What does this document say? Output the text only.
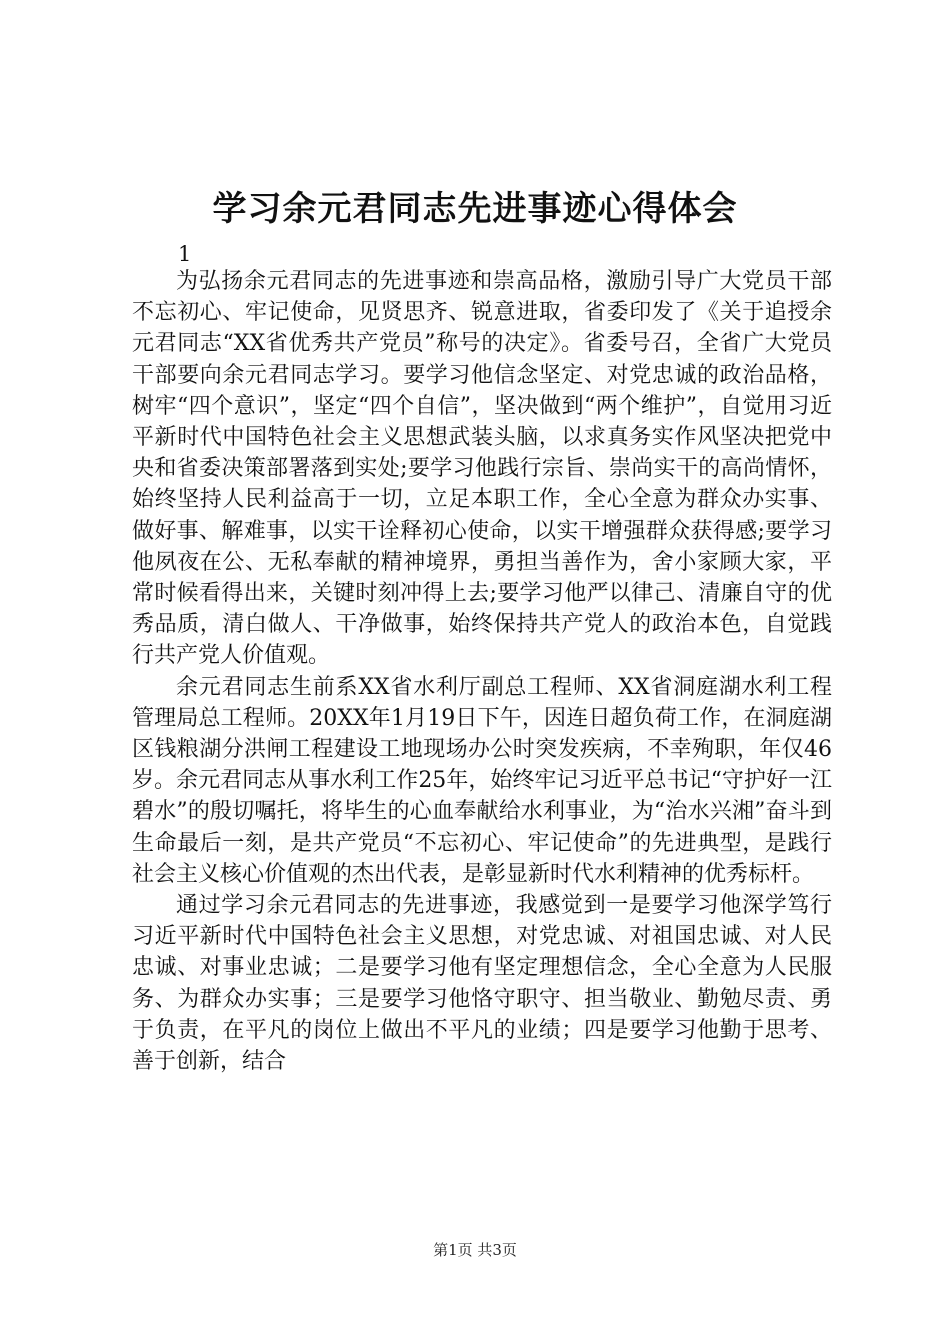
学习余元君同志先进事迹心得体会
1

为弘扬余元君同志的先进事迹和崇高品格，激励引导广大党员干部不忘初心、牢记使命，见贤思齐、锐意进取，省委印发了《关于追授余元君同志“XX省优秀共产党员”称号的决定》。省委号召，全省广大党员干部要向余元君同志学习。要学习他信念坚定、对党忠诚的政治品格，树牢“四个意识”，坚定“四个自信”，坚决做到“两个维护”，自觉用习近平新时代中国特色社会主义思想武装头脑，以求真务实作风坚决把党中央和省委决策部署落到实处;要学习他践行宗旨、崇尚实干的高尚情怀，始终坚持人民利益高于一切，立足本职工作，全心全意为群众办实事、做好事、解难事，以实干诠释初心使命，以实干增强群众获得感;要学习他夙夜在公、无私奉献的精神境界，勇担当善作为，舍小家顾大家，平常时候看得出来，关键时刻冲得上去;要学习他严以律己、清廉自守的优秀品质，清白做人、干净做事，始终保持共产党人的政治本色，自觉践行共产党人价值观。

余元君同志生前系XX省水利厅副总工程师、XX省洞庭湖水利工程管理局总工程师。20XX年1月19日下午，因连日超负荷工作，在洞庭湖区钱粮湖分洪闸工程建设工地现场办公时突发疾病，不幸殉职，年仅46岁。余元君同志从事水利工作25年，始终牢记习近平总书记“守护好一江碧水”的殷切嘱托，将毕生的心血奉献给水利事业，为“治水兴湘”奋斗到生命最后一刻，是共产党员“不忘初心、牢记使命”的先进典型，是践行社会主义核心价值观的杰出代表，是彰显新时代水利精神的优秀标杆。

通过学习余元君同志的先进事迹，我感觉到一是要学习他深学笃行习近平新时代中国特色社会主义思想，对党忠诚、对祖国忠诚、对人民忠诚、对事业忠诚；二是要学习他有坚定理想信念，全心全意为人民服务、为群众办实事；三是要学习他恪守职守、担当敬业、勤勉尽责、勇于负责，在平凡的岗位上做出不平凡的业绩；四是要学习他勤于思考、善于创新，结合

第1页 共3页
